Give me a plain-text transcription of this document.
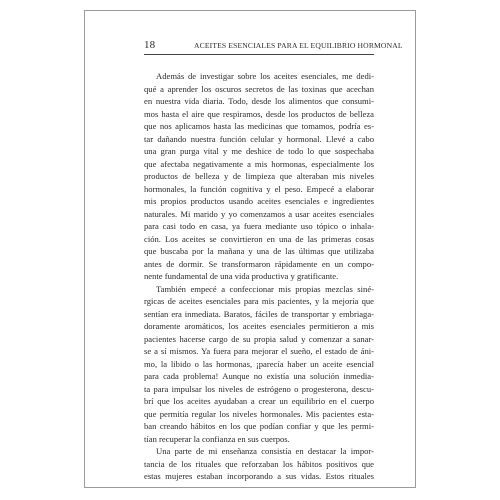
18	ACEITES ESENCIALES PARA EL EQUILIBRIO HORMONAL
Además de investigar sobre los aceites esenciales, me dedi-
qué a aprender los oscuros secretos de las toxinas que acechan
en nuestra vida diaria. Todo, desde los alimentos que consumi-
mos hasta el aire que respiramos, desde los productos de belleza
que nos aplicamos hasta las medicinas que tomamos, podría es-
tar dañando nuestra función celular y hormonal. Llevé a cabo
una gran purga vital y me deshice de todo lo que sospechaba
que afectaba negativamente a mis hormonas, especialmente los
productos de belleza y de limpieza que alteraban mis niveles
hormonales, la función cognitiva y el peso. Empecé a elaborar
mis propios productos usando aceites esenciales e ingredientes
naturales. Mi marido y yo comenzamos a usar aceites esenciales
para casi todo en casa, ya fuera mediante uso tópico o inhala-
ción. Los aceites se convirtieron en una de las primeras cosas
que buscaba por la mañana y una de las últimas que utilizaba
antes de dormir. Se transformaron rápidamente en un compo-
nente fundamental de una vida productiva y gratificante.
También empecé a confeccionar mis propias mezclas siné-
rgicas de aceites esenciales para mis pacientes, y la mejoría que
sentían era inmediata. Baratos, fáciles de transportar y embriaga-
doramente aromáticos, los aceites esenciales permitieron a mis
pacientes hacerse cargo de su propia salud y comenzar a sanar-
se a sí mismos. Ya fuera para mejorar el sueño, el estado de áni-
mo, la libido o las hormonas, ¡parecía haber un aceite esencial
para cada problema! Aunque no existía una solución inmedia-
ta para impulsar los niveles de estrógeno o progesterona, descu-
brí que los aceites ayudaban a crear un equilibrio en el cuerpo
que permitía regular los niveles hormonales. Mis pacientes esta-
ban creando hábitos en los que podían confiar y que les permi-
tían recuperar la confianza en sus cuerpos.
Una parte de mi enseñanza consistía en destacar la impor-
tancia de los rituales que reforzaban los hábitos positivos que
estas mujeres estaban incorporando a sus vidas. Estos rituales
